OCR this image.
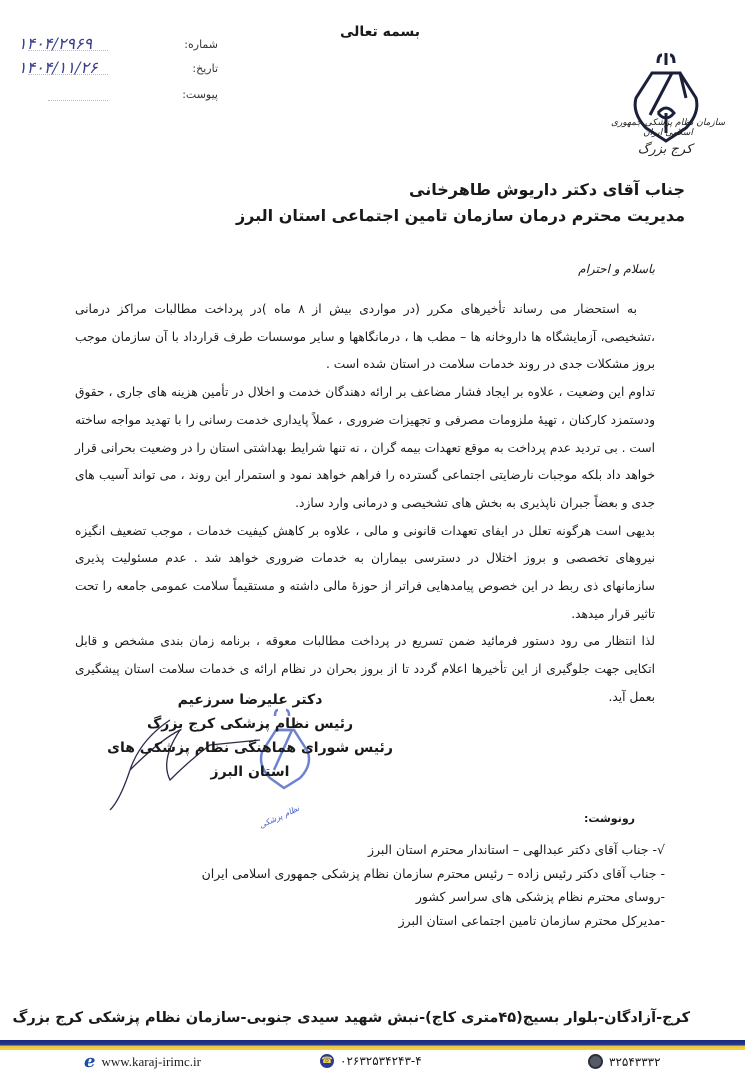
بسمه تعالی
شماره:
۱۴۰۴/۲۹۶۹
تاریخ:
۱۴۰۴/۱۱/۲۶
پیوست:
سازمان نظام پزشکی جمهوری اسلامی ایران
کرج بزرگ
جناب آقای دکتر داریوش طاهرخانی
مدیریت محترم درمان سازمان تامین اجتماعی استان البرز
باسلام و احترام

به استحضار می رساند تأخیرهای مکرر (در مواردی بیش از ۸ ماه )در پرداخت مطالبات مراکز درمانی ،تشخیصی، آزمایشگاه ها داروخانه ها – مطب ها ، درمانگاهها و سایر موسسات طرف قرارداد با آن سازمان موجب بروز مشکلات جدی در روند خدمات سلامت در استان شده است .

تداوم این وضعیت ، علاوه بر ایجاد فشار مضاعف بر ارائه دهندگان خدمت و اخلال در تأمین هزینه های جاری ، حقوق ودستمزد کارکنان ، تهیهٔ ملزومات مصرفی و تجهیزات ضروری ، عملاً پایداری خدمت رسانی را با تهدید مواجه ساخته است . بی تردید عدم پرداخت به موقع تعهدات بیمه گران ، نه تنها شرایط بهداشتی استان را در وضعیت بحرانی قرار خواهد داد بلکه موجبات نارضایتی اجتماعی گسترده را فراهم خواهد نمود و استمرار این روند ، می تواند آسیب های جدی و بعضاً جبران ناپذیری به بخش های تشخیصی و درمانی وارد سازد.

بدیهی است هرگونه تعلل در ایفای تعهدات قانونی و مالی ، علاوه بر کاهش کیفیت خدمات ، موجب تضعیف انگیزه نیروهای تخصصی و بروز اختلال در دسترسی بیماران به خدمات ضروری خواهد شد . عدم مسئولیت پذیری سازمانهای ذی ربط در این خصوص پیامدهایی فراتر از حوزهٔ مالی داشته و مستقیماً سلامت عمومی جامعه را تحت تاثیر قرار میدهد.

لذا انتظار می رود دستور فرمائید ضمن تسریع در پرداخت مطالبات معوقه ، برنامه زمان بندی مشخص و قابل اتکایی جهت جلوگیری از این تأخیرها اعلام گردد تا از بروز بحران در نظام ارائه ی خدمات سلامت استان پیشگیری بعمل آید.

نظام پزشکی
دکتر علیرضا سرزعیم
رئیس نظام پزشکی کرج بزرگ
رئیس شورای هماهنگی نظام پزشکی های استان البرز
رونوشت:
√- جناب آقای دکتر عبدالهی – استاندار محترم استان البرز
- جناب آقای دکتر رئیس زاده – رئیس محترم سازمان نظام پزشکی جمهوری اسلامی ایران
-روسای محترم نظام پزشکی های سراسر کشور
-مدیرکل محترم سازمان تامین اجتماعی استان البرز
کرج-آزادگان-بلوار بسیج(۴۵متری کاج)-نبش شهید سیدی جنوبی-سازمان نظام پزشکی کرج بزرگ
e www.karaj-irimc.ir	☎ ۰۲۶۳۲۵۳۴۲۴۳-۴	۳۲۵۴۳۳۳۲
